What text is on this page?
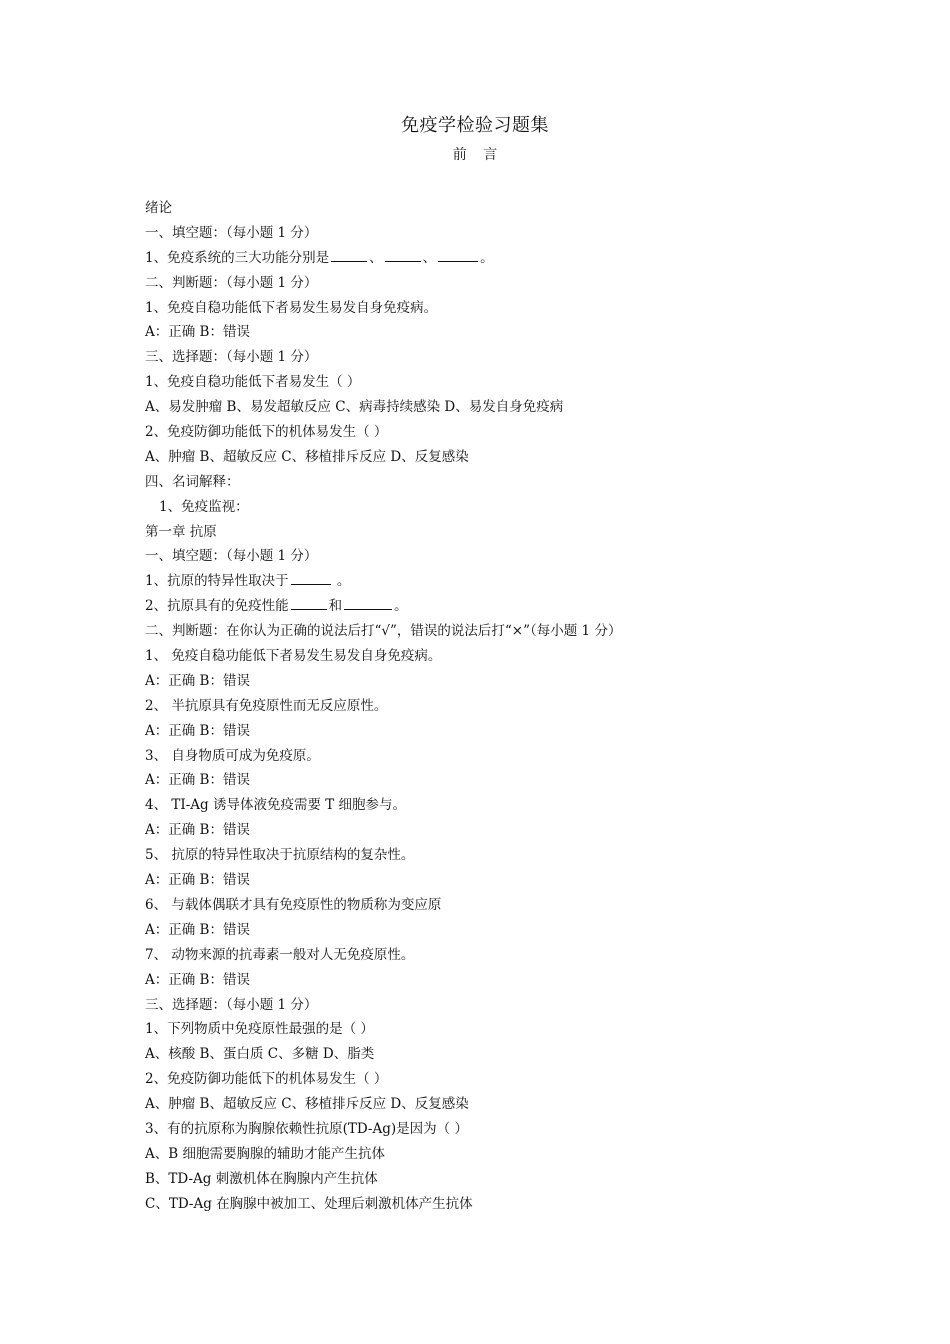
免疫学检验习题集
前 言
绪论
一、填空题：（每小题 1 分）
1、免疫系统的三大功能分别是	、	、	。
二、判断题：（每小题 1 分）
1、免疫自稳功能低下者易发生易发自身免疫病。
A：正确 B：错误
三、选择题：（每小题 1 分）
1、免疫自稳功能低下者易发生（ ）
A、易发肿瘤 B、易发超敏反应 C、病毒持续感染 D、易发自身免疫病
2、免疫防御功能低下的机体易发生（ ）
A、肿瘤 B、超敏反应 C、移植排斥反应 D、反复感染
四、名词解释：
1、免疫监视：
第一章 抗原
一、填空题：（每小题 1 分）
1、抗原的特异性取决于	。
2、抗原具有的免疫性能	和	。
二、判断题：在你认为正确的说法后打“√”，错误的说法后打“×”（每小题 1 分）
1、 免疫自稳功能低下者易发生易发自身免疫病。
A：正确 B：错误
2、 半抗原具有免疫原性而无反应原性。
A：正确 B：错误
3、 自身物质可成为免疫原。
A：正确 B：错误
4、 TI-Ag 诱导体液免疫需要 T 细胞参与。
A：正确 B：错误
5、 抗原的特异性取决于抗原结构的复杂性。
A：正确 B：错误
6、 与载体偶联才具有免疫原性的物质称为变应原
A：正确 B：错误
7、 动物来源的抗毒素一般对人无免疫原性。
A：正确 B：错误
三、选择题：（每小题 1 分）
1、下列物质中免疫原性最强的是（ ）
A、核酸 B、蛋白质 C、多糖 D、脂类
2、免疫防御功能低下的机体易发生（ ）
A、肿瘤 B、超敏反应 C、移植排斥反应 D、反复感染
3、有的抗原称为胸腺依赖性抗原(TD-Ag)是因为（ ）
A、B 细胞需要胸腺的辅助才能产生抗体
B、TD-Ag 刺激机体在胸腺内产生抗体
C、TD-Ag 在胸腺中被加工、处理后刺激机体产生抗体
